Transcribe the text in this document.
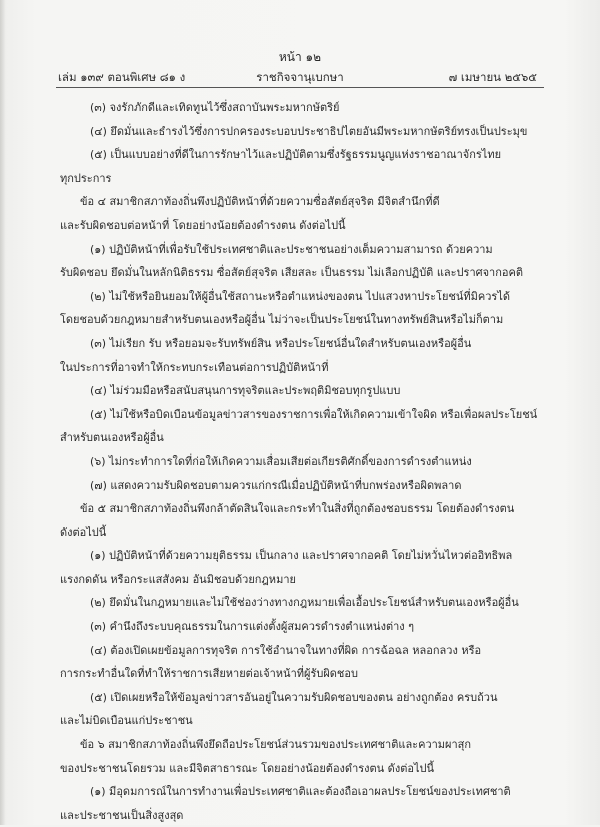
หน้า ๑๒
เล่ม ๑๓๙ ตอนพิเศษ ๘๑ ง	ราชกิจจานุเบกษา	๗ เมษายน ๒๕๖๕
(๓) จงรักภักดีและเทิดทูนไว้ซึ่งสถาบันพระมหากษัตริย์
(๔) ยึดมั่นและธำรงไว้ซึ่งการปกครองระบอบประชาธิปไตยอันมีพระมหากษัตริย์ทรงเป็นประมุข
(๕) เป็นแบบอย่างที่ดีในการรักษาไว้และปฏิบัติตามซึ่งรัฐธรรมนูญแห่งราชอาณาจักรไทย
ทุกประการ
ข้อ ๔ สมาชิกสภาท้องถิ่นพึงปฏิบัติหน้าที่ด้วยความซื่อสัตย์สุจริต มีจิตสำนึกที่ดี
และรับผิดชอบต่อหน้าที่ โดยอย่างน้อยต้องดำรงตน ดังต่อไปนี้
(๑) ปฏิบัติหน้าที่เพื่อรับใช้ประเทศชาติและประชาชนอย่างเต็มความสามารถ ด้วยความ
รับผิดชอบ ยึดมั่นในหลักนิติธรรม ซื่อสัตย์สุจริต เสียสละ เป็นธรรม ไม่เลือกปฏิบัติ และปราศจากอคติ
(๒) ไม่ใช้หรือยินยอมให้ผู้อื่นใช้สถานะหรือตำแหน่งของตน ไปแสวงหาประโยชน์ที่มิควรได้
โดยชอบด้วยกฎหมายสำหรับตนเองหรือผู้อื่น ไม่ว่าจะเป็นประโยชน์ในทางทรัพย์สินหรือไม่ก็ตาม
(๓) ไม่เรียก รับ หรือยอมจะรับทรัพย์สิน หรือประโยชน์อื่นใดสำหรับตนเองหรือผู้อื่น
ในประการที่อาจทำให้กระทบกระเทือนต่อการปฏิบัติหน้าที่
(๔) ไม่ร่วมมือหรือสนับสนุนการทุจริตและประพฤติมิชอบทุกรูปแบบ
(๕) ไม่ใช้หรือบิดเบือนข้อมูลข่าวสารของราชการเพื่อให้เกิดความเข้าใจผิด หรือเพื่อผลประโยชน์
สำหรับตนเองหรือผู้อื่น
(๖) ไม่กระทำการใดที่ก่อให้เกิดความเสื่อมเสียต่อเกียรติศักดิ์ของการดำรงตำแหน่ง
(๗) แสดงความรับผิดชอบตามควรแก่กรณีเมื่อปฏิบัติหน้าที่บกพร่องหรือผิดพลาด
ข้อ ๕ สมาชิกสภาท้องถิ่นพึงกล้าตัดสินใจและกระทำในสิ่งที่ถูกต้องชอบธรรม โดยต้องดำรงตน
ดังต่อไปนี้
(๑) ปฏิบัติหน้าที่ด้วยความยุติธรรม เป็นกลาง และปราศจากอคติ โดยไม่หวั่นไหวต่ออิทธิพล
แรงกดดัน หรือกระแสสังคม อันมิชอบด้วยกฎหมาย
(๒) ยึดมั่นในกฎหมายและไม่ใช้ช่องว่างทางกฎหมายเพื่อเอื้อประโยชน์สำหรับตนเองหรือผู้อื่น
(๓) คำนึงถึงระบบคุณธรรมในการแต่งตั้งผู้สมควรดำรงตำแหน่งต่าง ๆ
(๔) ต้องเปิดเผยข้อมูลการทุจริต การใช้อำนาจในทางที่ผิด การฉ้อฉล หลอกลวง หรือ
การกระทำอื่นใดที่ทำให้ราชการเสียหายต่อเจ้าหน้าที่ผู้รับผิดชอบ
(๕) เปิดเผยหรือให้ข้อมูลข่าวสารอันอยู่ในความรับผิดชอบของตน อย่างถูกต้อง ครบถ้วน
และไม่บิดเบือนแก่ประชาชน
ข้อ ๖ สมาชิกสภาท้องถิ่นพึงยึดถือประโยชน์ส่วนรวมของประเทศชาติและความผาสุก
ของประชาชนโดยรวม และมีจิตสาธารณะ โดยอย่างน้อยต้องดำรงตน ดังต่อไปนี้
(๑) มีอุดมการณ์ในการทำงานเพื่อประเทศชาติและต้องถือเอาผลประโยชน์ของประเทศชาติ
และประชาชนเป็นสิ่งสูงสุด
